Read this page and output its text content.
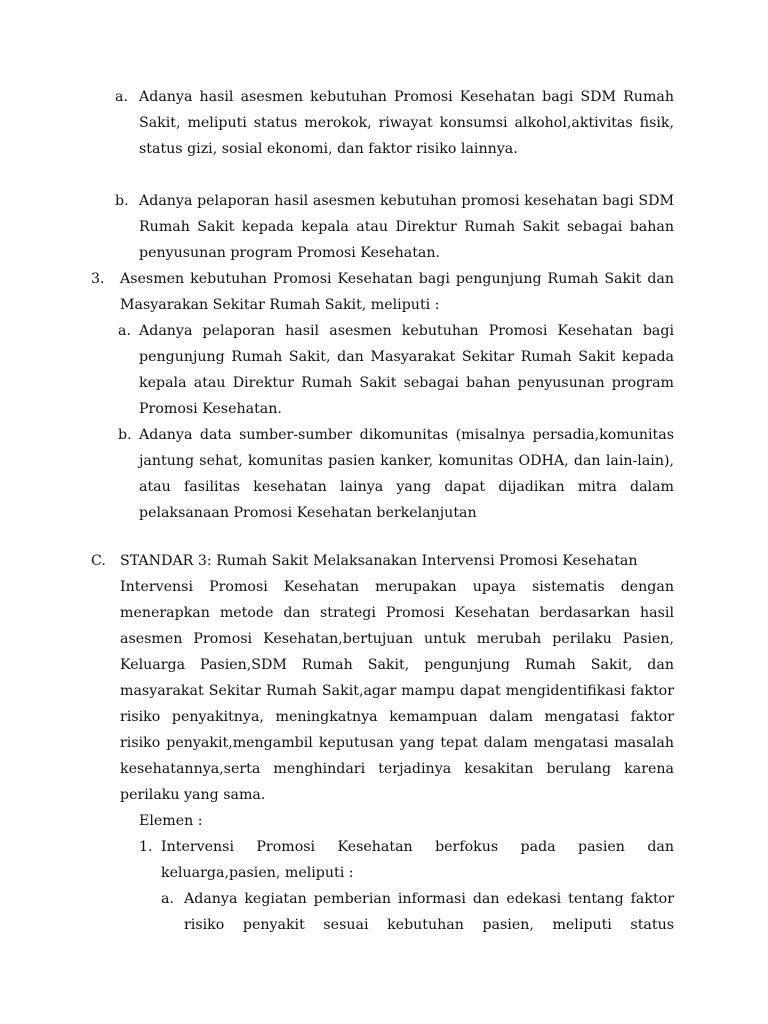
a. Adanya hasil asesmen kebutuhan Promosi Kesehatan bagi SDM Rumah Sakit, meliputi status merokok, riwayat konsumsi alkohol,aktivitas fisik, status gizi, sosial ekonomi, dan faktor risiko lainnya.
b. Adanya pelaporan hasil asesmen kebutuhan promosi kesehatan bagi SDM Rumah Sakit kepada kepala atau Direktur Rumah Sakit sebagai bahan penyusunan program Promosi Kesehatan.
3. Asesmen kebutuhan Promosi Kesehatan bagi pengunjung Rumah Sakit dan Masyarakan Sekitar Rumah Sakit, meliputi :
a. Adanya pelaporan hasil asesmen kebutuhan Promosi Kesehatan bagi pengunjung Rumah Sakit, dan Masyarakat Sekitar Rumah Sakit kepada kepala atau Direktur Rumah Sakit sebagai bahan penyusunan program Promosi Kesehatan.
b. Adanya data sumber-sumber dikomunitas (misalnya persadia,komunitas jantung sehat, komunitas pasien kanker, komunitas ODHA, dan lain-lain), atau fasilitas kesehatan lainya yang dapat dijadikan mitra dalam pelaksanaan Promosi Kesehatan berkelanjutan
C. STANDAR 3: Rumah Sakit Melaksanakan Intervensi Promosi Kesehatan
Intervensi Promosi Kesehatan merupakan upaya sistematis dengan menerapkan metode dan strategi Promosi Kesehatan berdasarkan hasil asesmen Promosi Kesehatan,bertujuan untuk merubah perilaku Pasien, Keluarga Pasien,SDM Rumah Sakit, pengunjung Rumah Sakit, dan masyarakat Sekitar Rumah Sakit,agar mampu dapat mengidentifikasi faktor risiko penyakitnya, meningkatnya kemampuan dalam mengatasi faktor risiko penyakit,mengambil keputusan yang tepat dalam mengatasi masalah kesehatannya,serta menghindari terjadinya kesakitan berulang karena perilaku yang sama.
Elemen :
1. Intervensi Promosi Kesehatan berfokus pada pasien dan keluarga,pasien, meliputi :
a. Adanya kegiatan pemberian informasi dan edekasi tentang faktor risiko penyakit sesuai kebutuhan pasien, meliputi status
